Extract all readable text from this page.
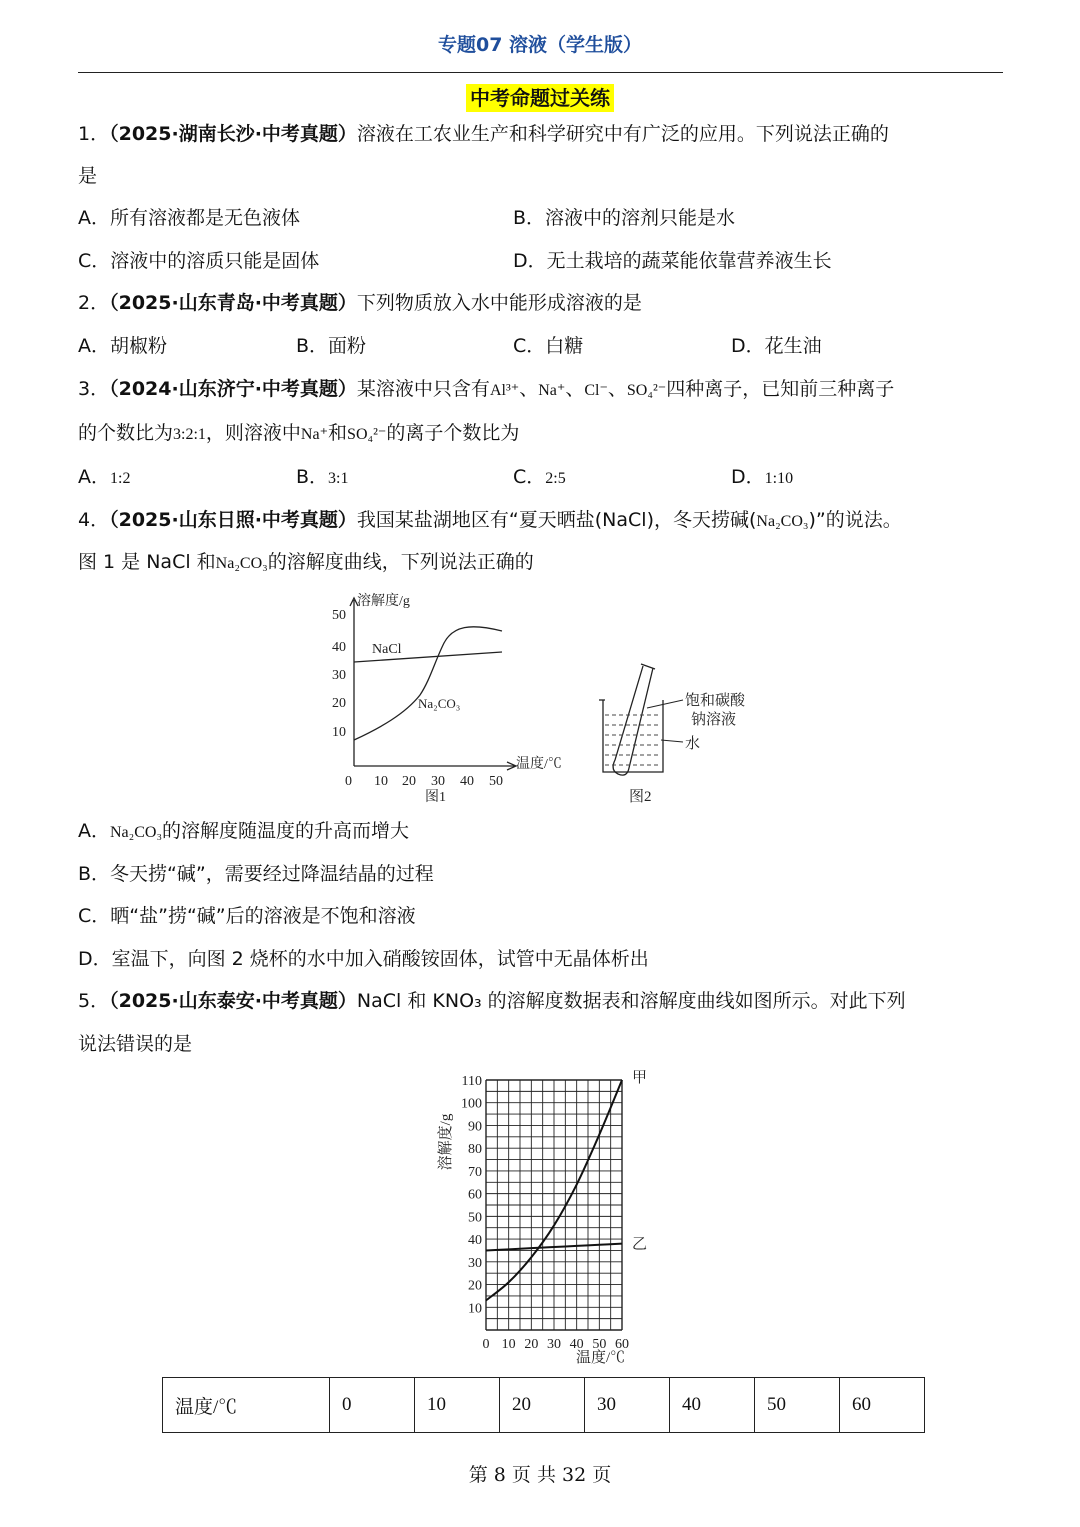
专题07 溶液（学生版）
中考命题过关练
1．（2025·湖南长沙·中考真题）溶液在工农业生产和科学研究中有广泛的应用。下列说法正确的
是
A．所有溶液都是无色液体	B．溶液中的溶剂只能是水
C．溶液中的溶质只能是固体	D．无土栽培的蔬菜能依靠营养液生长
2．（2025·山东青岛·中考真题）下列物质放入水中能形成溶液的是
A．胡椒粉	B．面粉	C．白糖	D．花生油
3．（2024·山东济宁·中考真题）某溶液中只含有Al³⁺、Na⁺、Cl⁻、SO₄²⁻四种离子，已知前三种离子
的个数比为3:2:1，则溶液中Na⁺和SO₄²⁻的离子个数比为
A．1:2	B．3:1	C．2:5	D．1:10
4．（2025·山东日照·中考真题）我国某盐湖地区有“夏天晒盐(NaCl)，冬天捞碱(Na₂CO₃)”的说法。
图 1 是 NaCl 和Na₂CO₃的溶解度曲线，下列说法正确的
溶解度/g
50
40
30
20
10
0 10 20 30 40 50
温度/℃
NaCl
Na₂CO₃
图1
饱和碳酸
钠溶液
水
图2
A．Na₂CO₃的溶解度随温度的升高而增大
B．冬天捞“碱”，需要经过降温结晶的过程
C．晒“盐”捞“碱”后的溶液是不饱和溶液
D．室温下，向图 2 烧杯的水中加入硝酸铵固体，试管中无晶体析出
5．（2025·山东泰安·中考真题）NaCl 和 KNO₃ 的溶解度数据表和溶解度曲线如图所示。对此下列
说法错误的是
10
20
30
40
50
60
70
80
90
100
110
0 10 20 30 40 50 60
甲
乙
溶解度/g
温度/℃
温度/℃	0	10	20	30	40	50	60
第 8 页 共 32 页
